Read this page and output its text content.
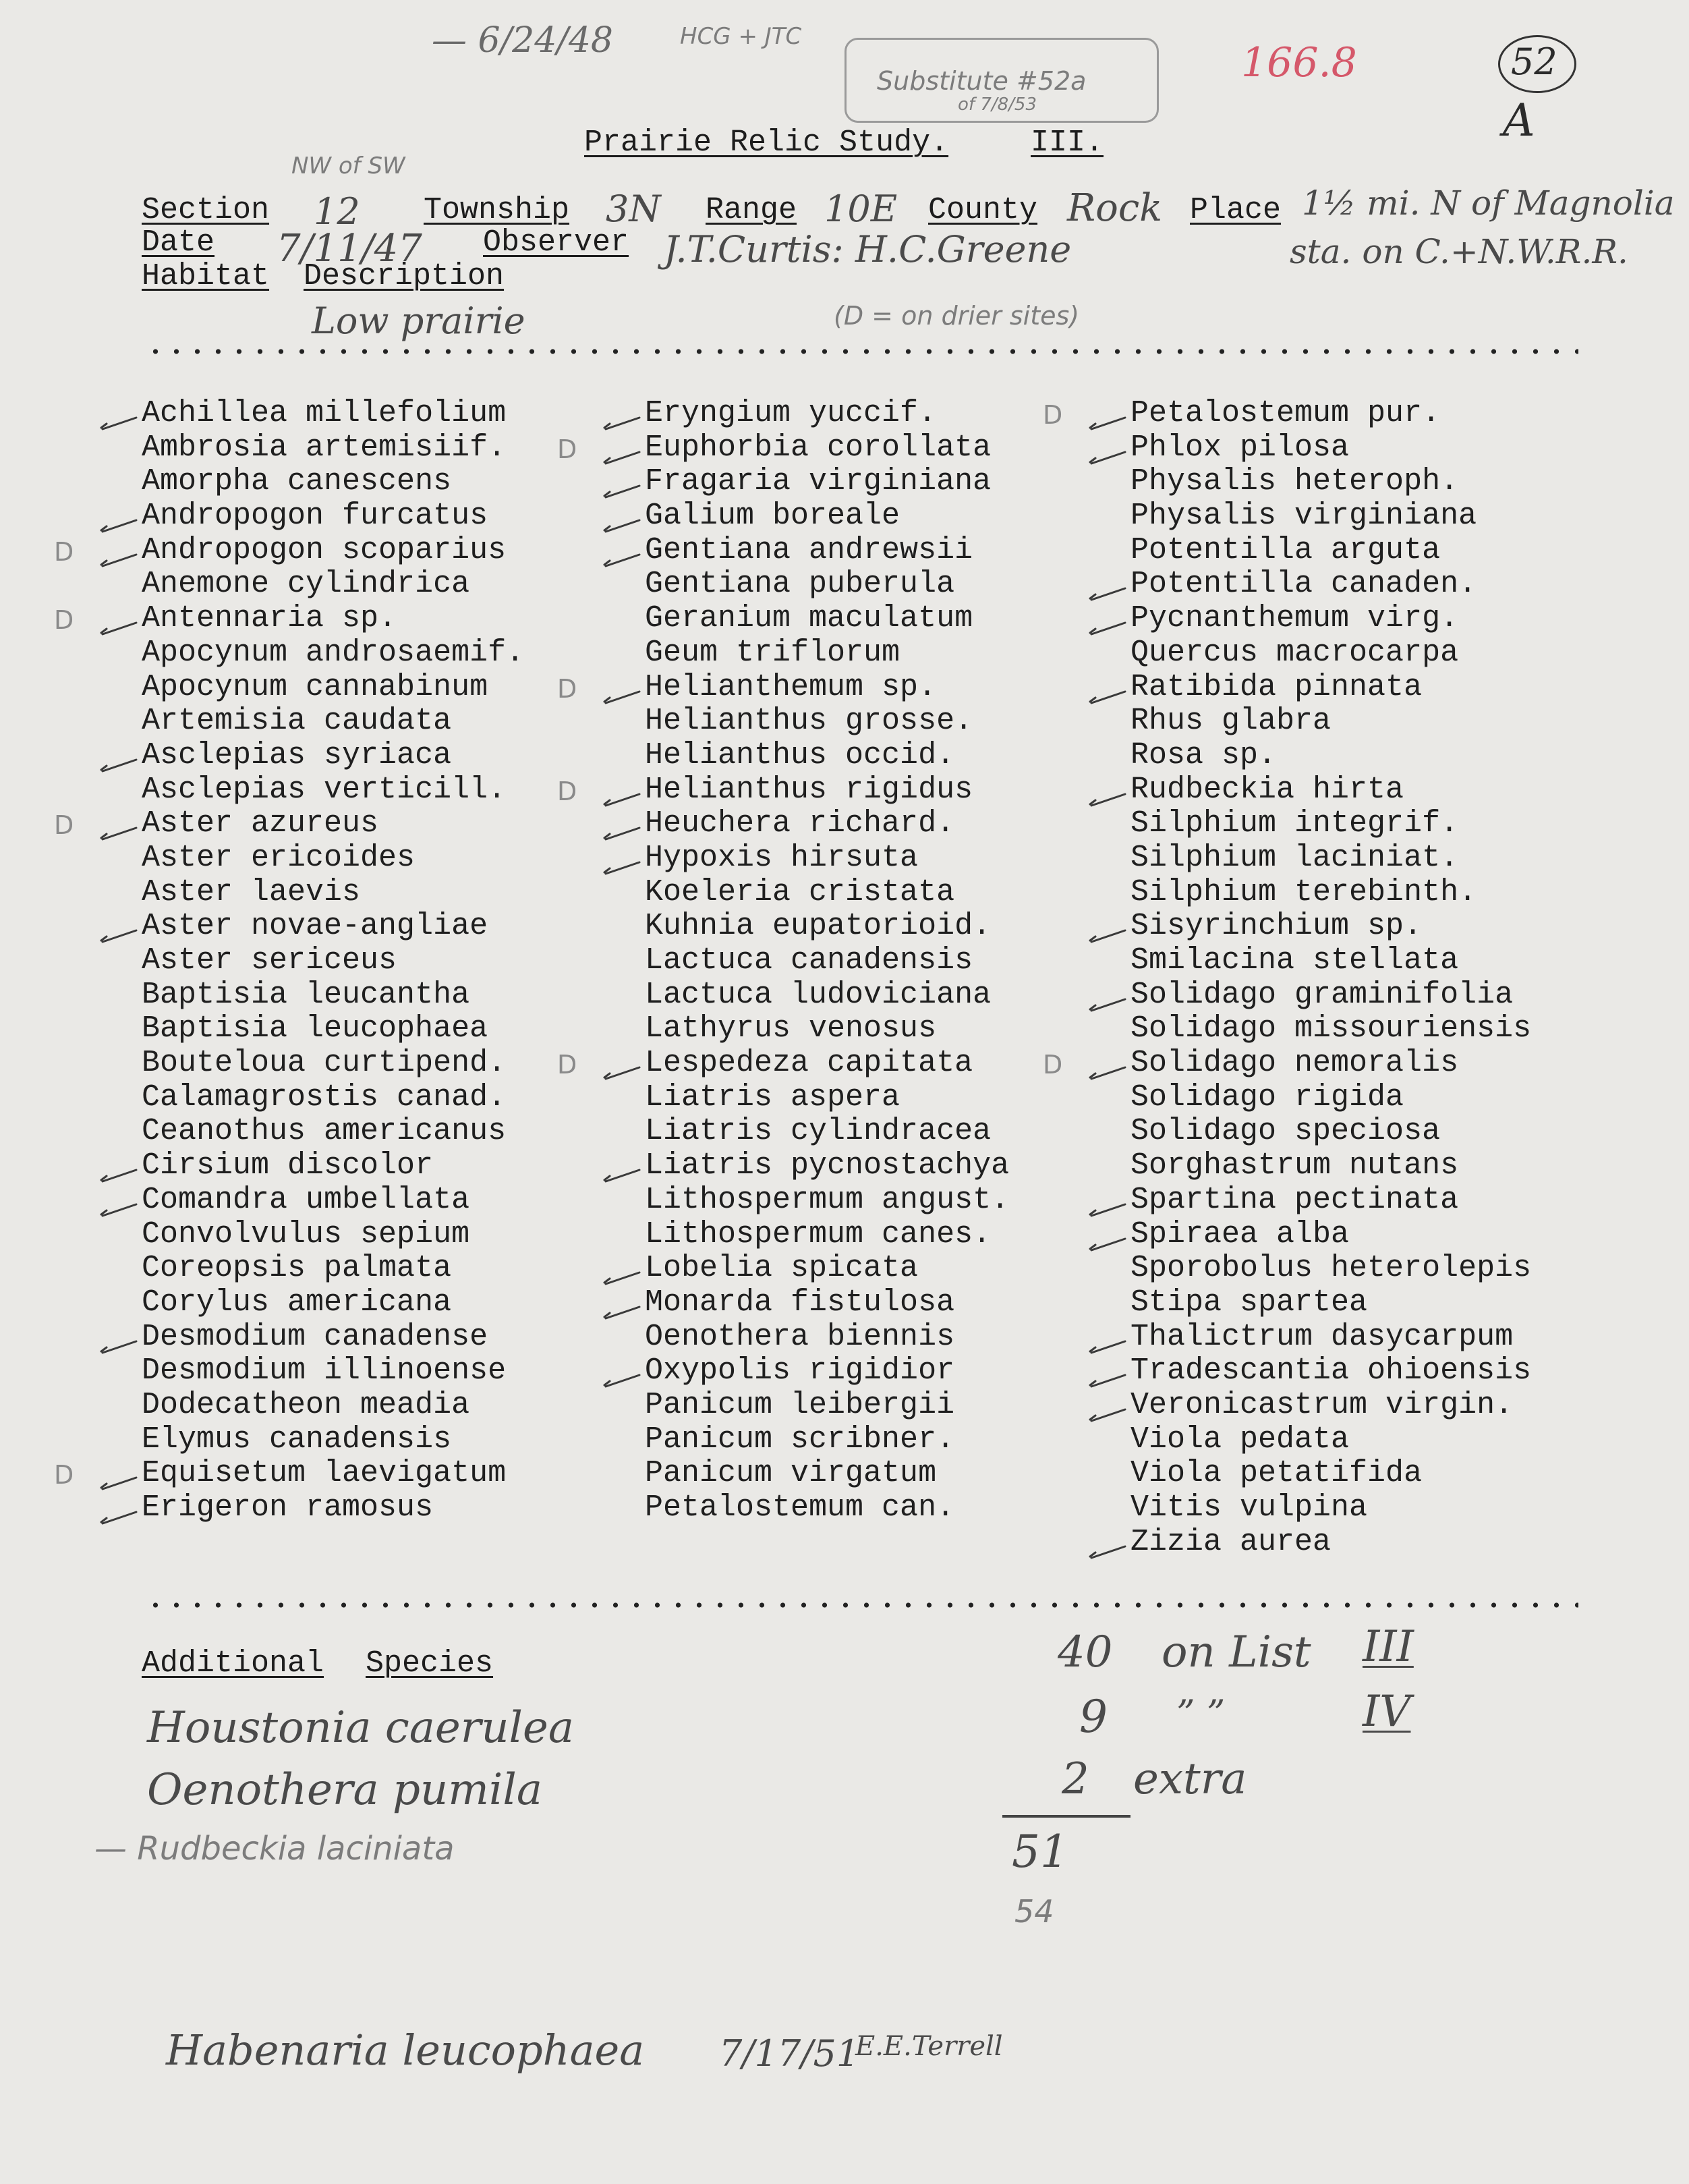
— 6/24/48	HCG + JTC
Substitute #52a
of 7/8/53
166.8	52
A
NW of SW
Prairie Relic Study.	III.
Section 12 Township 3N Range 10E County Rock Place 1½ mi. N of Magnolia
sta. on C.+N.W.R.R.
Date 7/11/47 Observer J.T.Curtis: H.C.Greene
Habitat Description
Low prairie	(D = on drier sites)
Achillea millefolium
Ambrosia artemisiif.
Amorpha canescens
Andropogon furcatus
D Andropogon scoparius
Anemone cylindrica
D Antennaria sp.
Apocynum androsaemif.
Apocynum cannabinum
Artemisia caudata
Asclepias syriaca
Asclepias verticill.
D Aster azureus
Aster ericoides
Aster laevis
Aster novae-angliae
Aster sericeus
Baptisia leucantha
Baptisia leucophaea
Bouteloua curtipend.
Calamagrostis canad.
Ceanothus americanus
Cirsium discolor
Comandra umbellata
Convolvulus sepium
Coreopsis palmata
Corylus americana
Desmodium canadense
Desmodium illinoense
Dodecatheon meadia
Elymus canadensis
D Equisetum laevigatum
Erigeron ramosus
Eryngium yuccif.
D Euphorbia corollata
Fragaria virginiana
Galium boreale
Gentiana andrewsii
Gentiana puberula
Geranium maculatum
Geum triflorum
D Helianthemum sp.
Helianthus grosse.
Helianthus occid.
D Helianthus rigidus
Heuchera richard.
Hypoxis hirsuta
Koeleria cristata
Kuhnia eupatorioid.
Lactuca canadensis
Lactuca ludoviciana
Lathyrus venosus
D Lespedeza capitata
Liatris aspera
Liatris cylindracea
Liatris pycnostachya
Lithospermum angust.
Lithospermum canes.
Lobelia spicata
Monarda fistulosa
Oenothera biennis
Oxypolis rigidior
Panicum leibergii
Panicum scribner.
Panicum virgatum
Petalostemum can.
D Petalostemum pur.
Phlox pilosa
Physalis heteroph.
Physalis virginiana
Potentilla arguta
Potentilla canaden.
Pycnanthemum virg.
Quercus macrocarpa
Ratibida pinnata
Rhus glabra
Rosa sp.
Rudbeckia hirta
Silphium integrif.
Silphium laciniat.
Silphium terebinth.
Sisyrinchium sp.
Smilacina stellata
Solidago graminifolia
Solidago missouriensis
D Solidago nemoralis
Solidago rigida
Solidago speciosa
Sorghastrum nutans
Spartina pectinata
Spiraea alba
Sporobolus heterolepis
Stipa spartea
Thalictrum dasycarpum
Tradescantia ohioensis
Veronicastrum virgin.
Viola pedata
Viola petatifida
Vitis vulpina
Zizia aurea
Additional Species
Houstonia caerulea
Oenothera pumila
— Rudbeckia laciniata
40 on List III
9 ” ”	IV
2 extra
51
54
Habenaria leucophaea 7/17/51
E.E.Terrell
